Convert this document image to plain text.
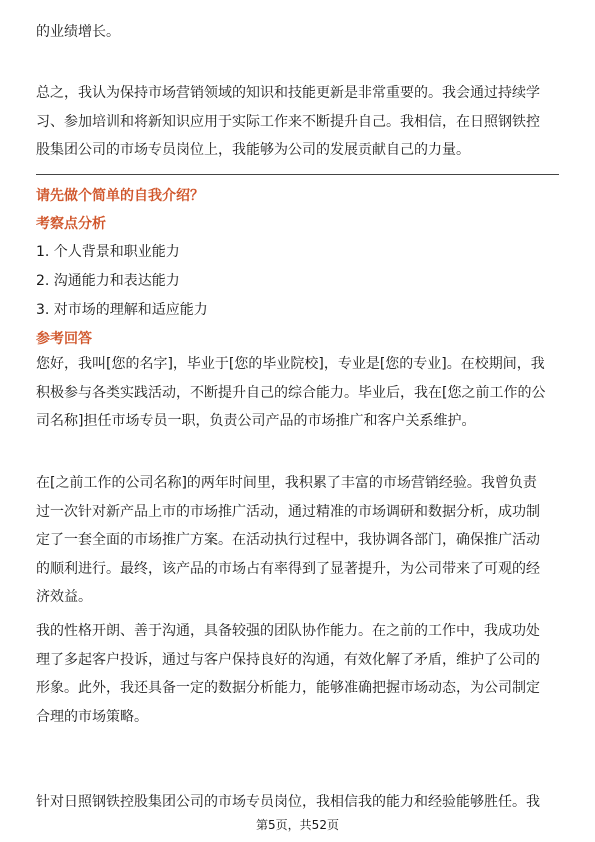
的业绩增长。

总之，我认为保持市场营销领域的知识和技能更新是非常重要的。我会通过持续学
习、参加培训和将新知识应用于实际工作来不断提升自己。我相信，在日照钢铁控
股集团公司的市场专员岗位上，我能够为公司的发展贡献自己的力量。

请先做个简单的自我介绍？
考察点分析
1. 个人背景和职业能力
2. 沟通能力和表达能力
3. 对市场的理解和适应能力
参考回答

您好，我叫[您的名字]，毕业于[您的毕业院校]，专业是[您的专业]。在校期间，我
积极参与各类实践活动，不断提升自己的综合能力。毕业后，我在[您之前工作的公
司名称]担任市场专员一职，负责公司产品的市场推广和客户关系维护。

在[之前工作的公司名称]的两年时间里，我积累了丰富的市场营销经验。我曾负责
过一次针对新产品上市的市场推广活动，通过精准的市场调研和数据分析，成功制
定了一套全面的市场推广方案。在活动执行过程中，我协调各部门，确保推广活动
的顺利进行。最终，该产品的市场占有率得到了显著提升，为公司带来了可观的经
济效益。

我的性格开朗、善于沟通，具备较强的团队协作能力。在之前的工作中，我成功处
理了多起客户投诉，通过与客户保持良好的沟通，有效化解了矛盾，维护了公司的
形象。此外，我还具备一定的数据分析能力，能够准确把握市场动态，为公司制定
合理的市场策略。

针对日照钢铁控股集团公司的市场专员岗位，我相信我的能力和经验能够胜任。我

第5页，共52页
